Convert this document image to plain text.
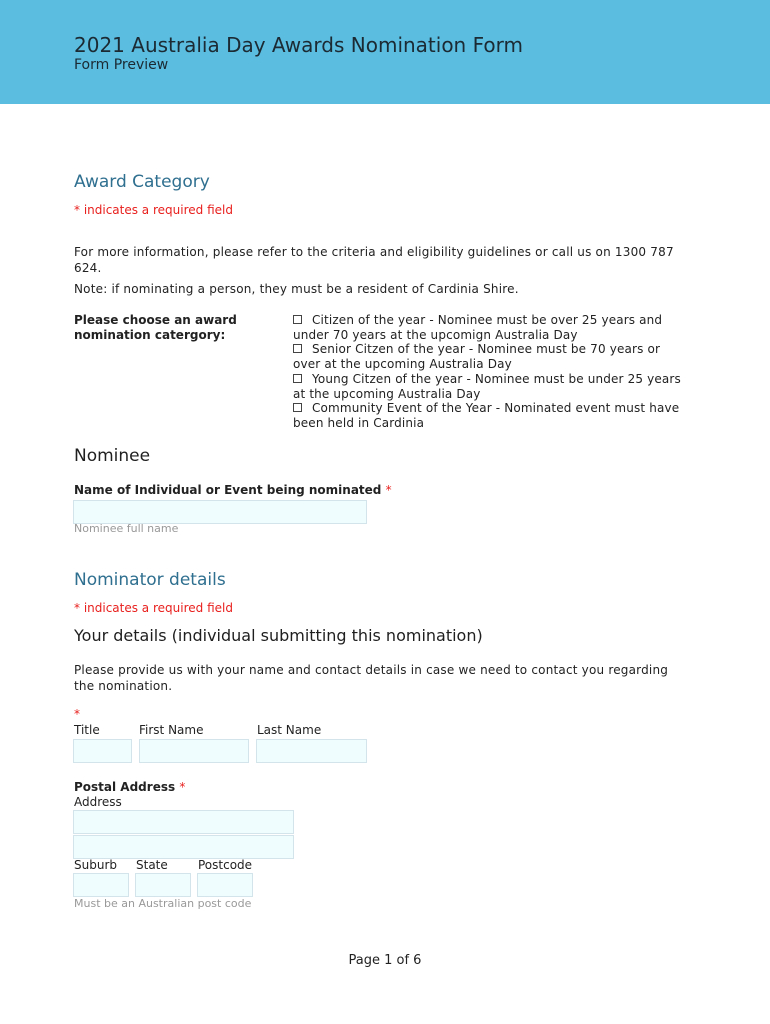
2021 Australia Day Awards Nomination Form
Form Preview
Award Category
* indicates a required field
For more information, please refer to the criteria and eligibility guidelines or call us on 1300 787 624.
Note: if nominating a person, they must be a resident of Cardinia Shire.
Please choose an award nomination catergory:
Citizen of the year - Nominee must be over 25 years and under 70 years at the upcomign Australia Day
Senior Citzen of the year - Nominee must be 70 years or over at the upcoming Australia Day
Young Citzen of the year - Nominee must be under 25 years at the upcoming Australia Day
Community Event of the Year - Nominated event must have been held in Cardinia
Nominee
Name of Individual or Event being nominated *
Nominee full name
Nominator details
* indicates a required field
Your details (individual submitting this nomination)
Please provide us with your name and contact details in case we need to contact you regarding the nomination.
*
Title	First Name	Last Name
Postal Address *
Address
Suburb State	Postcode
Must be an Australian post code
Page 1 of 6
